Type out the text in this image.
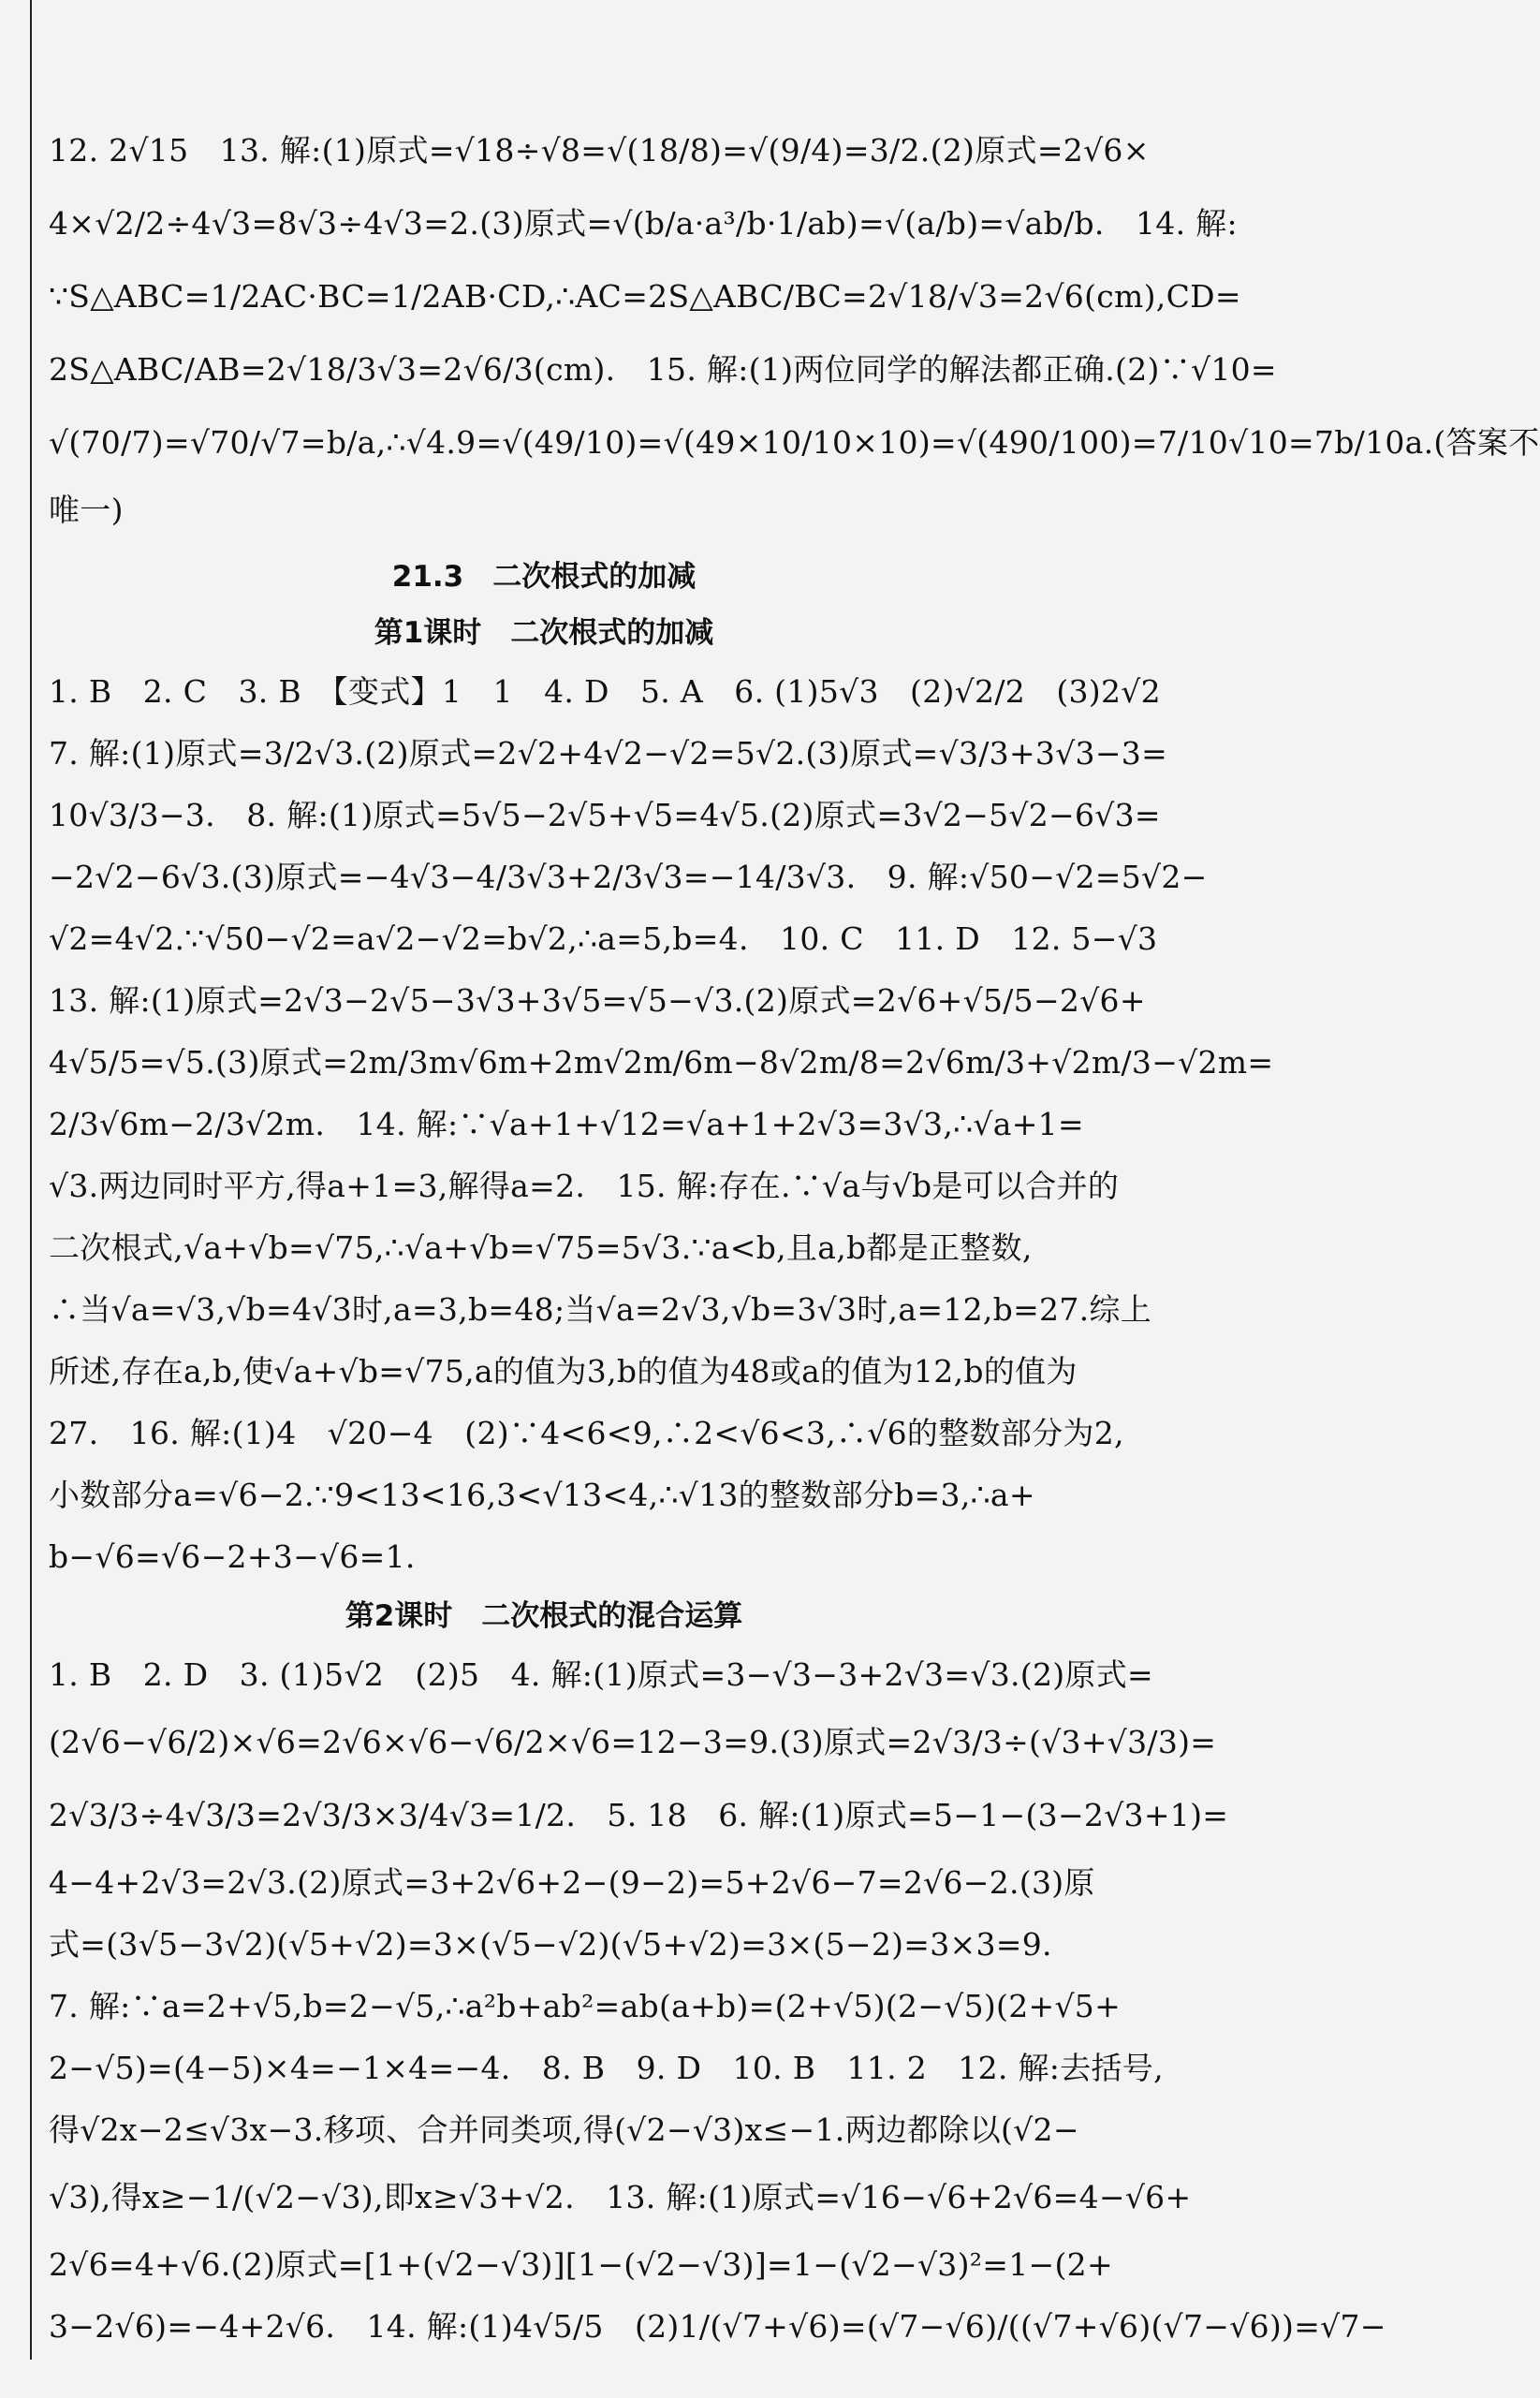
12. 2√15　13. 解:(1)原式=√18÷√8=√(18/8)=√(9/4)=3/2.(2)原式=2√6×
4×√2/2÷4√3=8√3÷4√3=2.(3)原式=√(b/a·a³/b·1/ab)=√(a/b)=√ab/b.　14. 解:
∵S△ABC=1/2AC·BC=1/2AB·CD,∴AC=2S△ABC/BC=2√18/√3=2√6(cm),CD=
2S△ABC/AB=2√18/3√3=2√6/3(cm).　15. 解:(1)两位同学的解法都正确.(2)∵√10=
√(70/7)=√70/√7=b/a,∴√4.9=√(49/10)=√(49×10/10×10)=√(490/100)=7/10√10=7b/10a.(答案不
唯一)
21.3　二次根式的加减
第1课时　二次根式的加减
1. B　2. C　3. B　【变式】1　1　4. D　5. A　6. (1)5√3　(2)√2/2　(3)2√2
7. 解:(1)原式=3/2√3.(2)原式=2√2+4√2−√2=5√2.(3)原式=√3/3+3√3−3=
10√3/3−3.　8. 解:(1)原式=5√5−2√5+√5=4√5.(2)原式=3√2−5√2−6√3=
−2√2−6√3.(3)原式=−4√3−4/3√3+2/3√3=−14/3√3.　9. 解:√50−√2=5√2−
√2=4√2.∵√50−√2=a√2−√2=b√2,∴a=5,b=4.　10. C　11. D　12. 5−√3
13. 解:(1)原式=2√3−2√5−3√3+3√5=√5−√3.(2)原式=2√6+√5/5−2√6+
4√5/5=√5.(3)原式=2m/3m√6m+2m√2m/6m−8√2m/8=2√6m/3+√2m/3−√2m=
2/3√6m−2/3√2m.　14. 解:∵√a+1+√12=√a+1+2√3=3√3,∴√a+1=
√3.两边同时平方,得a+1=3,解得a=2.　15. 解:存在.∵√a与√b是可以合并的
二次根式,√a+√b=√75,∴√a+√b=√75=5√3.∵a<b,且a,b都是正整数,
∴当√a=√3,√b=4√3时,a=3,b=48;当√a=2√3,√b=3√3时,a=12,b=27.综上
所述,存在a,b,使√a+√b=√75,a的值为3,b的值为48或a的值为12,b的值为
27.　16. 解:(1)4　√20−4　(2)∵4<6<9,∴2<√6<3,∴√6的整数部分为2,
小数部分a=√6−2.∵9<13<16,3<√13<4,∴√13的整数部分b=3,∴a+
b−√6=√6−2+3−√6=1.
第2课时　二次根式的混合运算
1. B　2. D　3. (1)5√2　(2)5　4. 解:(1)原式=3−√3−3+2√3=√3.(2)原式=
(2√6−√6/2)×√6=2√6×√6−√6/2×√6=12−3=9.(3)原式=2√3/3÷(√3+√3/3)=
2√3/3÷4√3/3=2√3/3×3/4√3=1/2.　5. 18　6. 解:(1)原式=5−1−(3−2√3+1)=
4−4+2√3=2√3.(2)原式=3+2√6+2−(9−2)=5+2√6−7=2√6−2.(3)原
式=(3√5−3√2)(√5+√2)=3×(√5−√2)(√5+√2)=3×(5−2)=3×3=9.
7. 解:∵a=2+√5,b=2−√5,∴a²b+ab²=ab(a+b)=(2+√5)(2−√5)(2+√5+
2−√5)=(4−5)×4=−1×4=−4.　8. B　9. D　10. B　11. 2　12. 解:去括号,
得√2x−2≤√3x−3.移项、合并同类项,得(√2−√3)x≤−1.两边都除以(√2−
√3),得x≥−1/(√2−√3),即x≥√3+√2.　13. 解:(1)原式=√16−√6+2√6=4−√6+
2√6=4+√6.(2)原式=[1+(√2−√3)][1−(√2−√3)]=1−(√2−√3)²=1−(2+
3−2√6)=−4+2√6.　14. 解:(1)4√5/5　(2)1/(√7+√6)=(√7−√6)/((√7+√6)(√7−√6))=√7−
